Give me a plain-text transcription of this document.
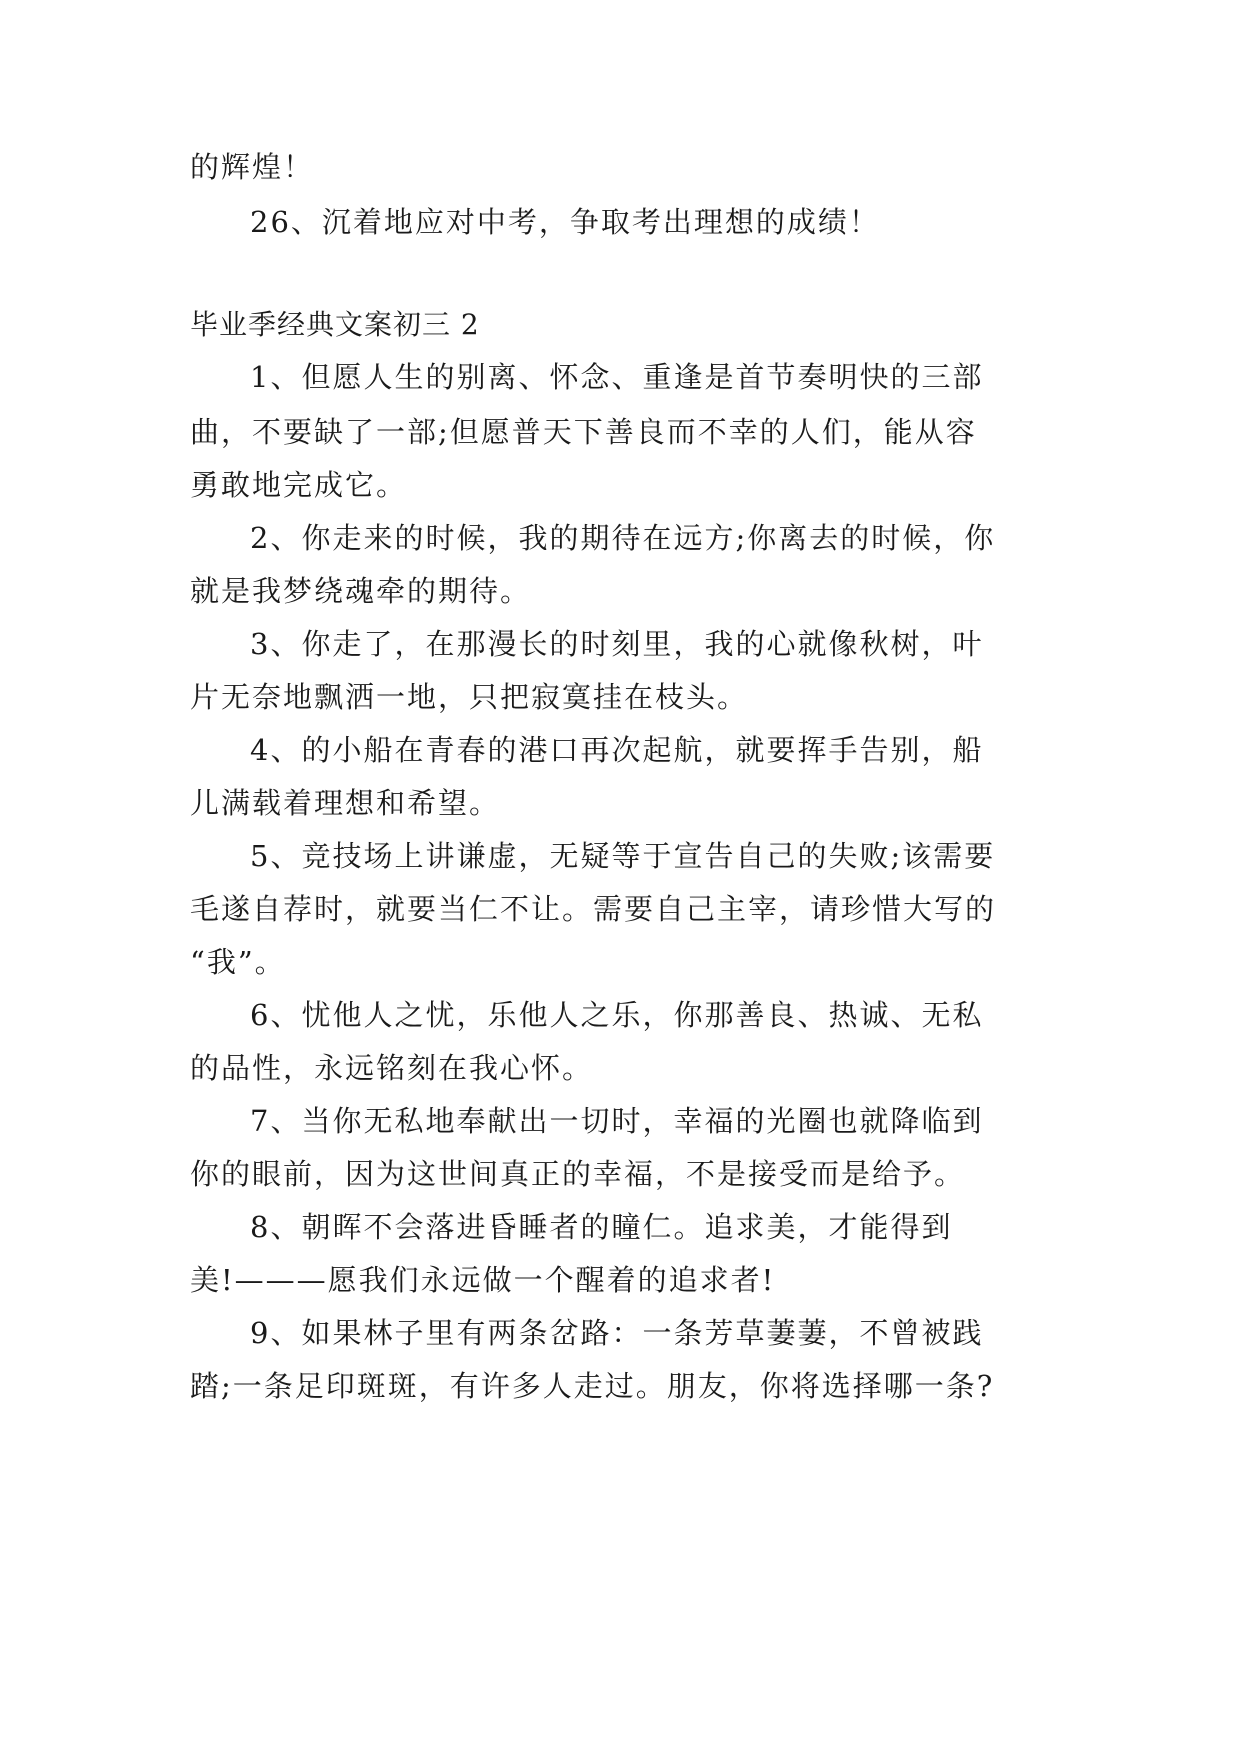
的辉煌！
26、沉着地应对中考，争取考出理想的成绩！
毕业季经典文案初三 2
1、但愿人生的别离、怀念、重逢是首节奏明快的三部
曲，不要缺了一部;但愿普天下善良而不幸的人们，能从容
勇敢地完成它。
2、你走来的时候，我的期待在远方;你离去的时候，你
就是我梦绕魂牵的期待。
3、你走了，在那漫长的时刻里，我的心就像秋树，叶
片无奈地飘洒一地，只把寂寞挂在枝头。
4、的小船在青春的港口再次起航，就要挥手告别，船
儿满载着理想和希望。
5、竞技场上讲谦虚，无疑等于宣告自己的失败;该需要
毛遂自荐时，就要当仁不让。需要自己主宰，请珍惜大写的
“我”。
6、忧他人之忧，乐他人之乐，你那善良、热诚、无私
的品性，永远铭刻在我心怀。
7、当你无私地奉献出一切时，幸福的光圈也就降临到
你的眼前，因为这世间真正的幸福，不是接受而是给予。
8、朝晖不会落进昏睡者的瞳仁。追求美，才能得到
美!———愿我们永远做一个醒着的追求者!
9、如果林子里有两条岔路：一条芳草萋萋，不曾被践
踏;一条足印斑斑，有许多人走过。朋友，你将选择哪一条?
